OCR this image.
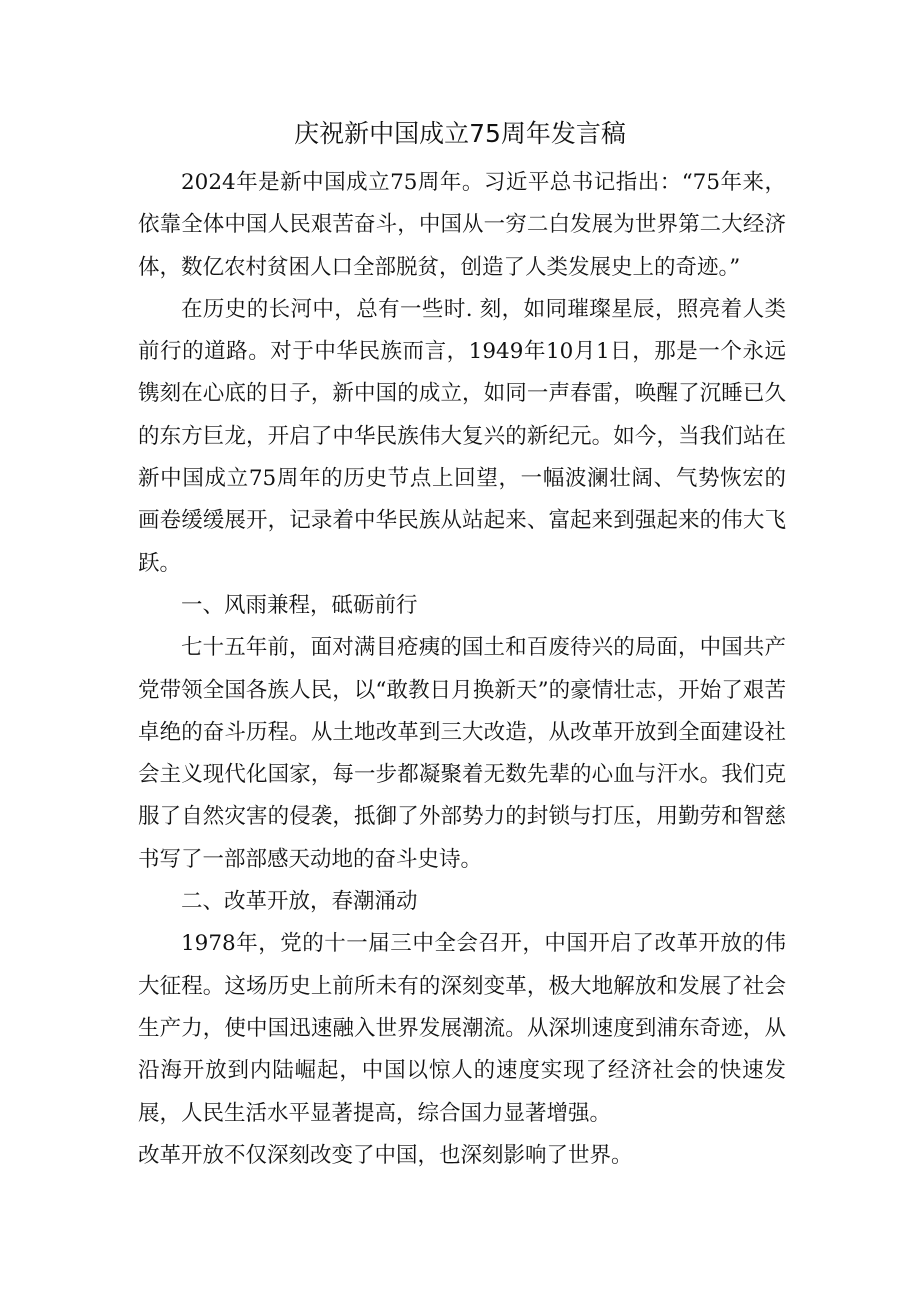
庆祝新中国成立75周年发言稿

2024年是新中国成立75周年。习近平总书记指出：“75年来，依靠全体中国人民艰苦奋斗，中国从一穷二白发展为世界第二大经济体，数亿农村贫困人口全部脱贫，创造了人类发展史上的奇迹。”

在历史的长河中，总有一些时. 刻，如同璀璨星辰，照亮着人类前行的道路。对于中华民族而言，1949年10月1日，那是一个永远镌刻在心底的日子，新中国的成立，如同一声春雷，唤醒了沉睡已久的东方巨龙，开启了中华民族伟大复兴的新纪元。如今，当我们站在新中国成立75周年的历史节点上回望，一幅波澜壮阔、气势恢宏的画卷缓缓展开，记录着中华民族从站起来、富起来到强起来的伟大飞跃。

一、风雨兼程，砥砺前行

七十五年前，面对满目疮痍的国土和百废待兴的局面，中国共产党带领全国各族人民，以“敢教日月换新天”的豪情壮志，开始了艰苦卓绝的奋斗历程。从土地改革到三大改造，从改革开放到全面建设社会主义现代化国家，每一步都凝聚着无数先辈的心血与汗水。我们克服了自然灾害的侵袭，抵御了外部势力的封锁与打压，用勤劳和智慈书写了一部部感天动地的奋斗史诗。

二、改革开放，春潮涌动

1978年，党的十一届三中全会召开，中国开启了改革开放的伟大征程。这场历史上前所未有的深刻变革，极大地解放和发展了社会生产力，使中国迅速融入世界发展潮流。从深圳速度到浦东奇迹，从沿海开放到内陆崛起，中国以惊人的速度实现了经济社会的快速发展，人民生活水平显著提高，综合国力显著增强。

改革开放不仅深刻改变了中国，也深刻影响了世界。
